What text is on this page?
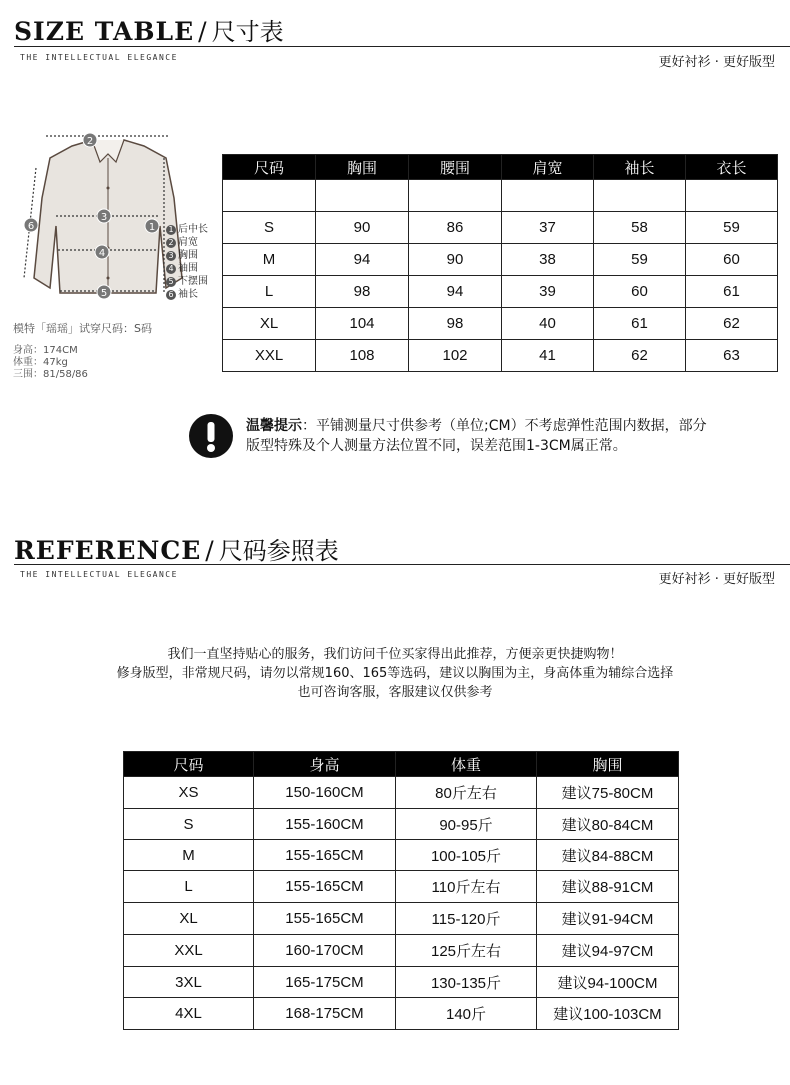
SIZE TABLE / 尺寸表
THE INTELLECTUAL ELEGANCE	更好衬衫 · 更好版型
2
3
4
5
1
6	1 后中长
2 肩宽
3 胸围
4 袖围
5 下摆围
6 袖长
模特「瑶瑶」试穿尺码：S码
身高：174CM
体重：47kg
三围：81/58/86
尺码	胸围	腰围	肩宽	袖长	衣长

S	90	86	37	58	59
M	94	90	38	59	60
L	98	94	39	60	61
XL	104	98	40	61	62
XXL	108	102	41	62	63
温馨提示：平铺测量尺寸供参考（单位;CM）不考虑弹性范围内数据，部分
版型特殊及个人测量方法位置不同，误差范围1-3CM属正常。
REFERENCE / 尺码参照表
THE INTELLECTUAL ELEGANCE	更好衬衫 · 更好版型
我们一直坚持贴心的服务，我们访问千位买家得出此推荐，方便亲更快捷购物！
修身版型，非常规尺码，请勿以常规160、165等选码，建议以胸围为主，身高体重为辅综合选择
也可咨询客服，客服建议仅供参考
尺码	身高	体重	胸围
XS	150-160CM	80斤左右	建议75-80CM
S	155-160CM	90-95斤	建议80-84CM
M	155-165CM	100-105斤	建议84-88CM
L	155-165CM	110斤左右	建议88-91CM
XL	155-165CM	115-120斤	建议91-94CM
XXL	160-170CM	125斤左右	建议94-97CM
3XL	165-175CM	130-135斤	建议94-100CM
4XL	168-175CM	140斤	建议100-103CM
